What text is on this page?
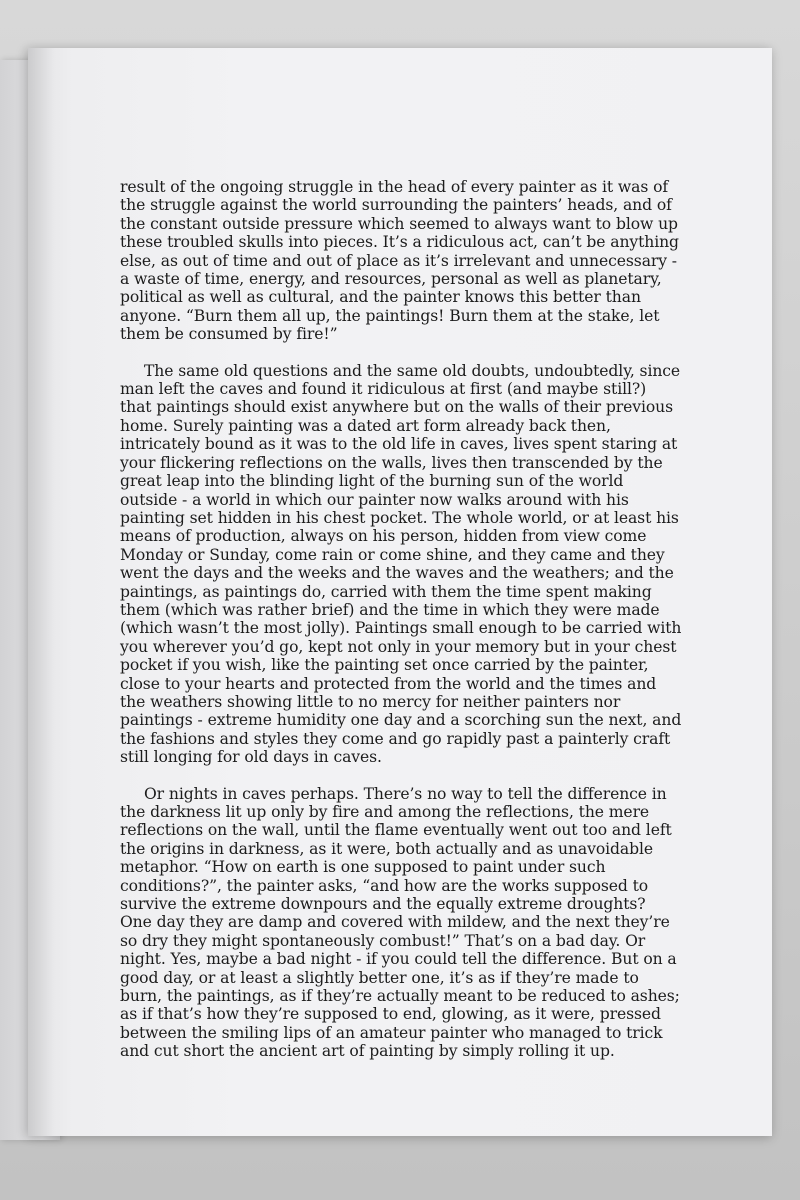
result of the ongoing struggle in the head of every painter as it was of the struggle against the world surrounding the painters’ heads, and of the constant outside pressure which seemed to always want to blow up these troubled skulls into pieces. It’s a ridiculous act, can’t be anything else, as out of time and out of place as it’s irrelevant and unnecessary - a waste of time, energy, and resources, personal as well as planetary, political as well as cultural, and the painter knows this better than anyone. “Burn them all up, the paintings! Burn them at the stake, let them be consumed by fire!”

The same old questions and the same old doubts, undoubtedly, since man left the caves and found it ridiculous at first (and maybe still?) that paintings should exist anywhere but on the walls of their previous home. Surely painting was a dated art form already back then, intricately bound as it was to the old life in caves, lives spent staring at your flickering reflections on the walls, lives then transcended by the great leap into the blinding light of the burning sun of the world outside - a world in which our painter now walks around with his painting set hidden in his chest pocket. The whole world, or at least his means of production, always on his person, hidden from view come Monday or Sunday, come rain or come shine, and they came and they went the days and the weeks and the waves and the weathers; and the paintings, as paintings do, carried with them the time spent making them (which was rather brief) and the time in which they were made (which wasn’t the most jolly). Paintings small enough to be carried with you wherever you’d go, kept not only in your memory but in your chest pocket if you wish, like the painting set once carried by the painter, close to your hearts and protected from the world and the times and the weathers showing little to no mercy for neither painters nor paintings - extreme humidity one day and a scorching sun the next, and the fashions and styles they come and go rapidly past a painterly craft still longing for old days in caves.

Or nights in caves perhaps. There’s no way to tell the difference in the darkness lit up only by fire and among the reflections, the mere reflections on the wall, until the flame eventually went out too and left the origins in darkness, as it were, both actually and as unavoidable metaphor. “How on earth is one supposed to paint under such conditions?”, the painter asks, “and how are the works supposed to survive the extreme downpours and the equally extreme droughts? One day they are damp and covered with mildew, and the next they’re so dry they might spontaneously combust!” That’s on a bad day. Or night. Yes, maybe a bad night - if you could tell the difference. But on a good day, or at least a slightly better one, it’s as if they’re made to burn, the paintings, as if they’re actually meant to be reduced to ashes; as if that’s how they’re supposed to end, glowing, as it were, pressed between the smiling lips of an amateur painter who managed to trick and cut short the ancient art of painting by simply rolling it up.
